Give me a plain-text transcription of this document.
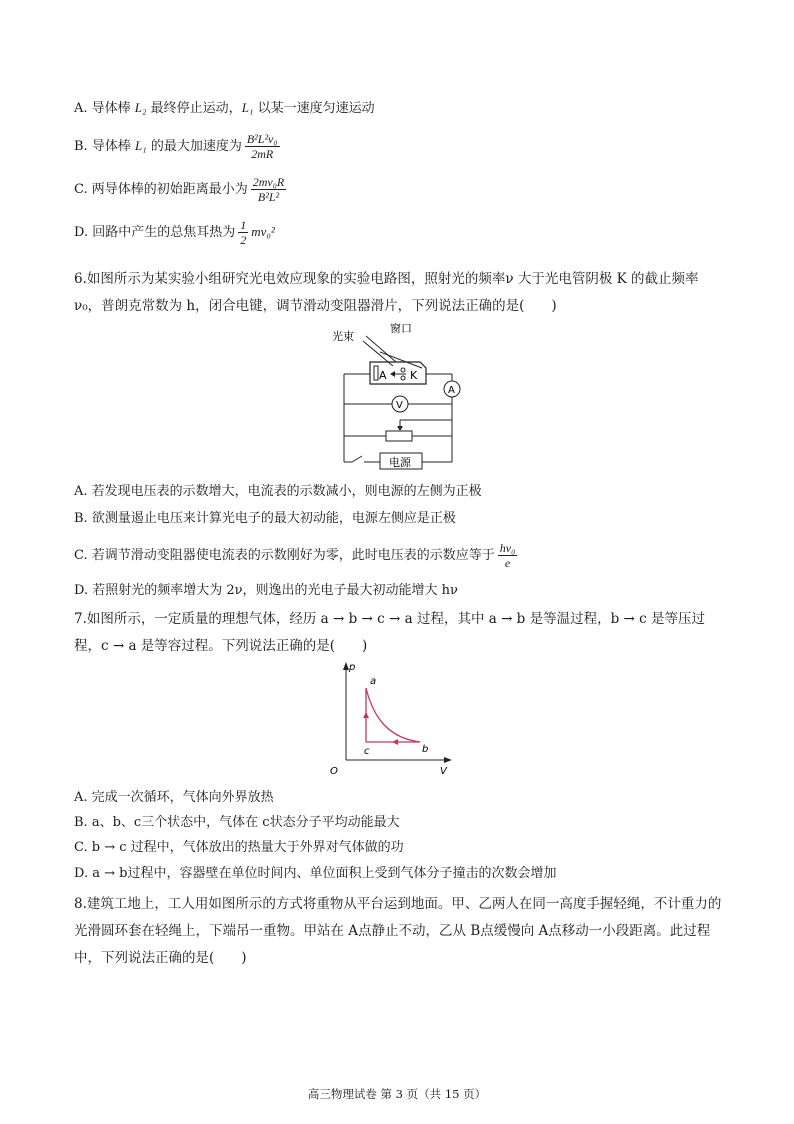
A. 导体棒 L₂ 最终停止运动，L₁ 以某一速度匀速运动
B. 导体棒 L₁ 的最大加速度为 $\frac{\text{B²L²v₀}}{2mR}$
C. 两导体棒的初始距离最小为 $\frac{\text{2mv₀R}}{\text{B²L²}}$
D. 回路中产生的总焦耳热为 $\frac{1}{2} mv_0^2$
6.如图所示为某实验小组研究光电效应现象的实验电路图，照射光的频率ν 大于光电管阴极 K 的截止频率ν₀，普朗克常数为 h，闭合电键，调节滑动变阻器滑片，下列说法正确的是(　　)
光束
窗口
A K
A
V
电源
A. 若发现电压表的示数增大，电流表的示数减小，则电源的左侧为正极
B. 欲测量遏止电压来计算光电子的最大初动能，电源左侧应是正极
C. 若调节滑动变阻器使电流表的示数刚好为零，此时电压表的示数应等于 $\frac{\text{hν₀}}{e}$
D. 若照射光的频率增大为 2ν，则逸出的光电子最大初动能增大 hν
7.如图所示，一定质量的理想气体，经历 a → b → c → a 过程，其中 a → b 是等温过程，b → c 是等压过程，c → a 是等容过程。下列说法正确的是(　　)
p
V
O
a
b
c
A. 完成一次循环，气体向外界放热
B. a、b、c三个状态中，气体在 c状态分子平均动能最大
C. b → c 过程中，气体放出的热量大于外界对气体做的功
D. a → b过程中，容器壁在单位时间内、单位面积上受到气体分子撞击的次数会增加
8.建筑工地上，工人用如图所示的方式将重物从平台运到地面。甲、乙两人在同一高度手握轻绳，不计重力的光滑圆环套在轻绳上，下端吊一重物。甲站在 A点静止不动，乙从 B点缓慢向 A点移动一小段距离。此过程中，下列说法正确的是(　　)
高三物理试卷 第 3 页（共 15 页）
